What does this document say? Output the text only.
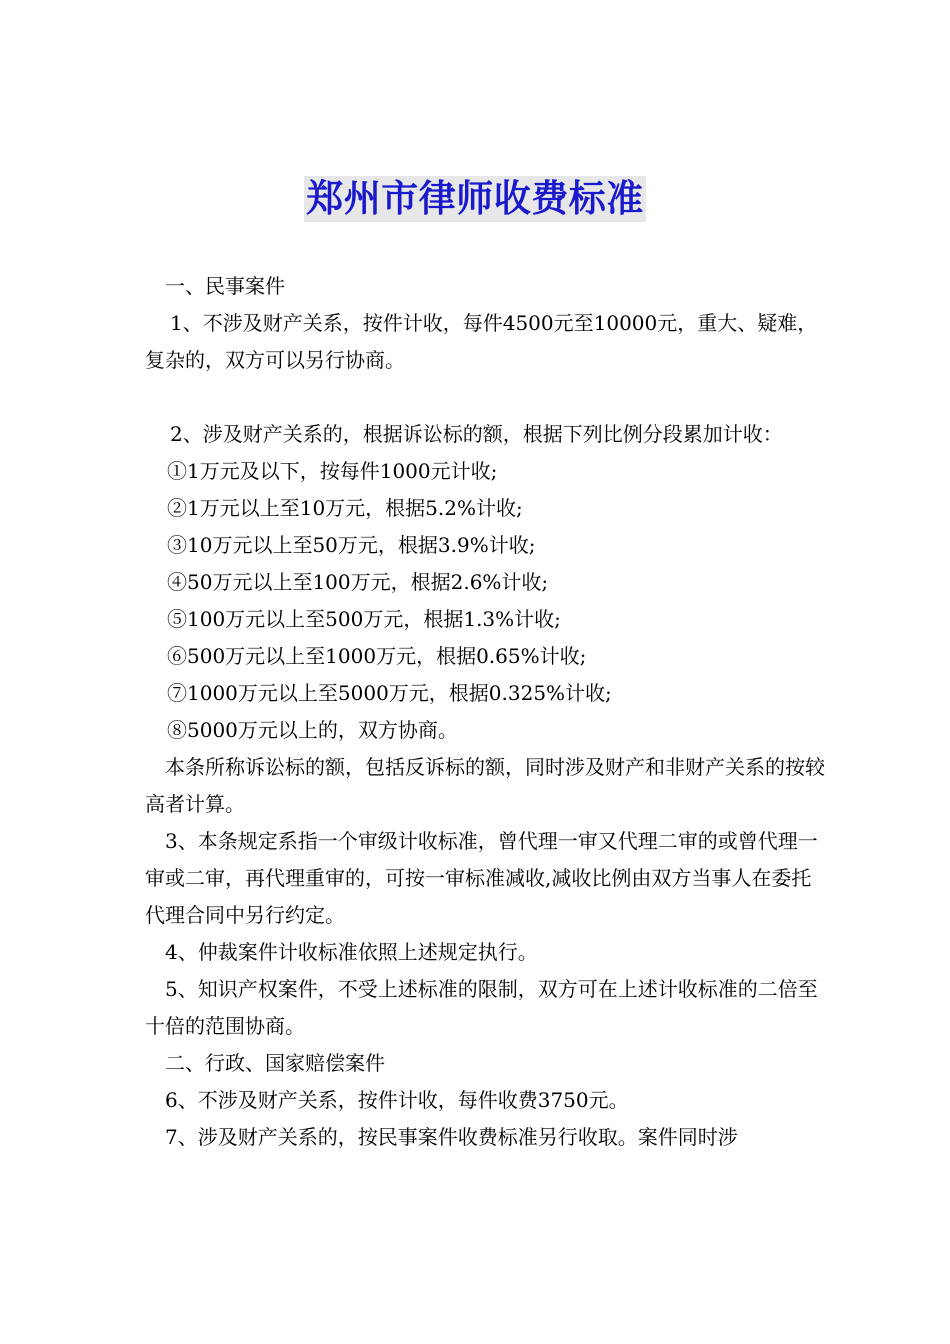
郑州市律师收费标准

一、民事案件

1、不涉及财产关系，按件计收，每件4500元至10000元，重大、疑难，复杂的，双方可以另行协商。

2、涉及财产关系的，根据诉讼标的额，根据下列比例分段累加计收：

①1万元及以下，按每件1000元计收;

②1万元以上至10万元，根据5.2%计收;

③10万元以上至50万元，根据3.9%计收;

④50万元以上至100万元，根据2.6%计收;

⑤100万元以上至500万元，根据1.3%计收;

⑥500万元以上至1000万元，根据0.65%计收;

⑦1000万元以上至5000万元，根据0.325%计收;

⑧5000万元以上的，双方协商。

本条所称诉讼标的额，包括反诉标的额，同时涉及财产和非财产关系的按较高者计算。

3、本条规定系指一个审级计收标准，曾代理一审又代理二审的或曾代理一审或二审，再代理重审的，可按一审标准减收,减收比例由双方当事人在委托代理合同中另行约定。

4、仲裁案件计收标准依照上述规定执行。

5、知识产权案件，不受上述标准的限制，双方可在上述计收标准的二倍至十倍的范围协商。

二、行政、国家赔偿案件

6、不涉及财产关系，按件计收，每件收费3750元。

7、涉及财产关系的，按民事案件收费标准另行收取。案件同时涉
